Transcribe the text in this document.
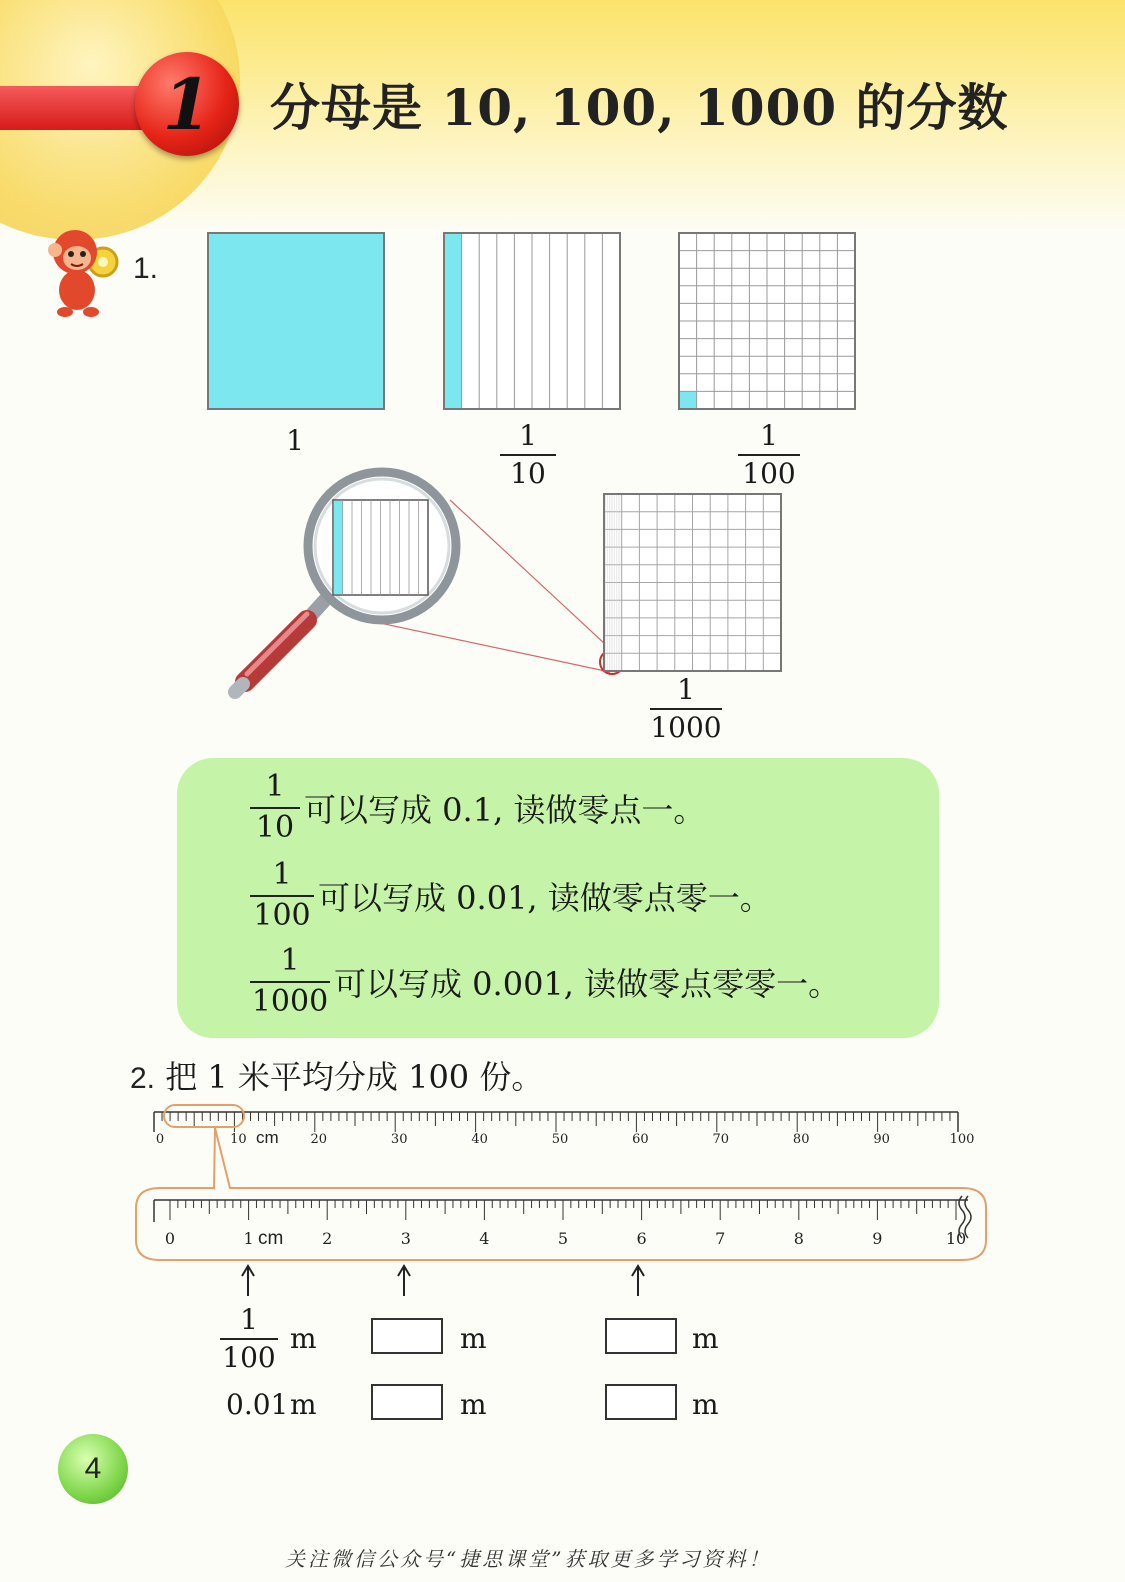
1	分母是 10, 100, 1000 的分数
1.
1	1
10
1
100
1
1000
$\frac{1}{10}$ 可以写成 0.1, 读做零点一。
$\frac{1}{100}$ 可以写成 0.01, 读做零点零一。
$\frac{1}{1000}$ 可以写成 0.001, 读做零点零零一。
2. 把 1 米平均分成 100 份。
0	10	20	30	40	50	60	70	80	90	100
cm
0	1	2	3	4	5	6	7	8	9	10
cm
1
100
m	m	m
0.01 m	m	m
4
关注微信公众号“捷思课堂”获取更多学习资料！
